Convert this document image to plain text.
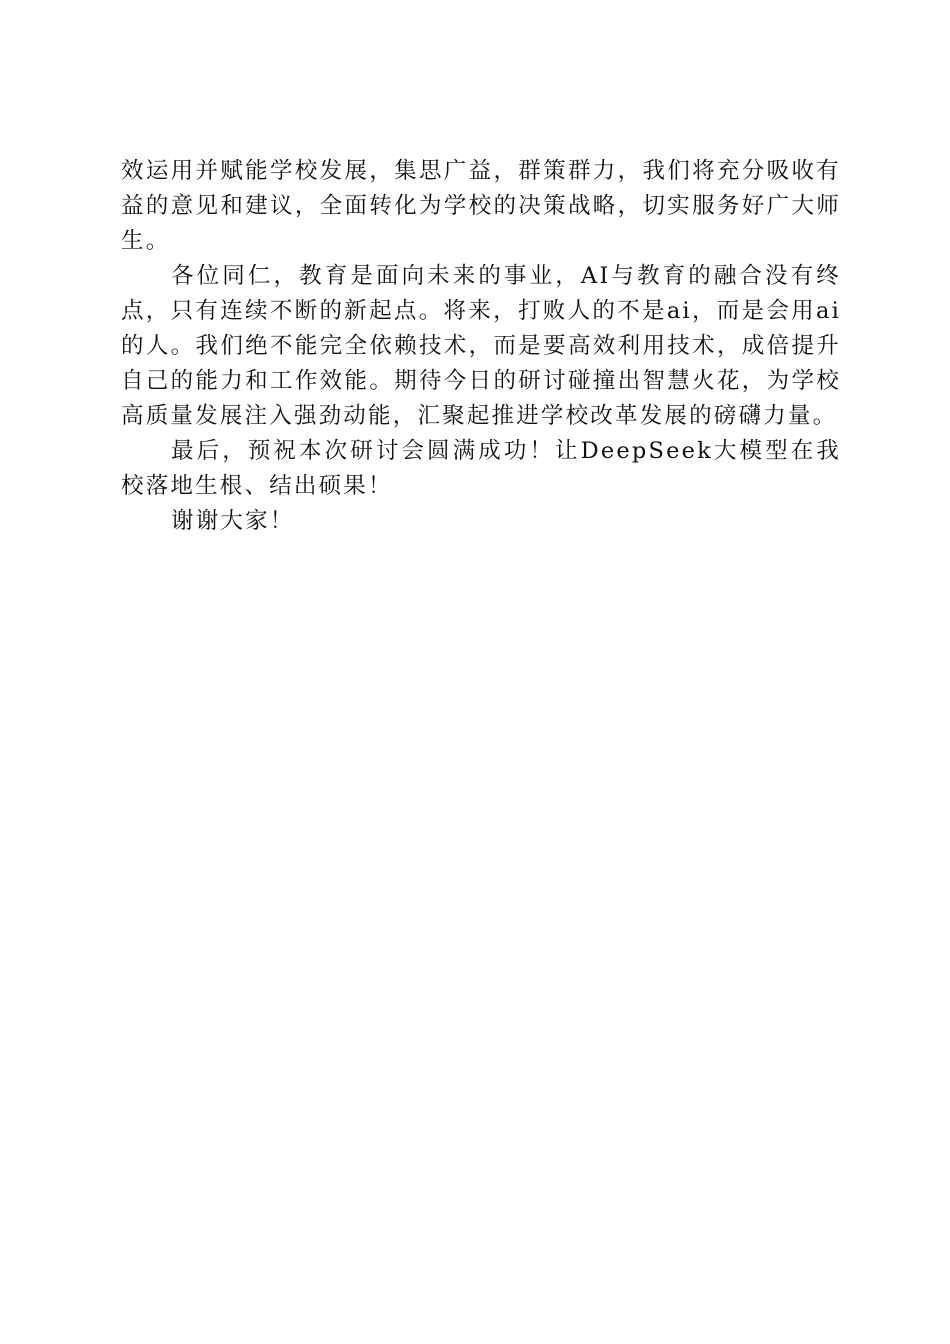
效运用并赋能学校发展，集思广益，群策群力，我们将充分吸收有益的意见和建议，全面转化为学校的决策战略，切实服务好广大师生。

各位同仁，教育是面向未来的事业，AI与教育的融合没有终点，只有连续不断的新起点。将来，打败人的不是ai，而是会用ai的人。我们绝不能完全依赖技术，而是要高效利用技术，成倍提升自己的能力和工作效能。期待今日的研讨碰撞出智慧火花，为学校高质量发展注入强劲动能，汇聚起推进学校改革发展的磅礴力量。

最后，预祝本次研讨会圆满成功！让DeepSeek大模型在我校落地生根、结出硕果！

谢谢大家！
